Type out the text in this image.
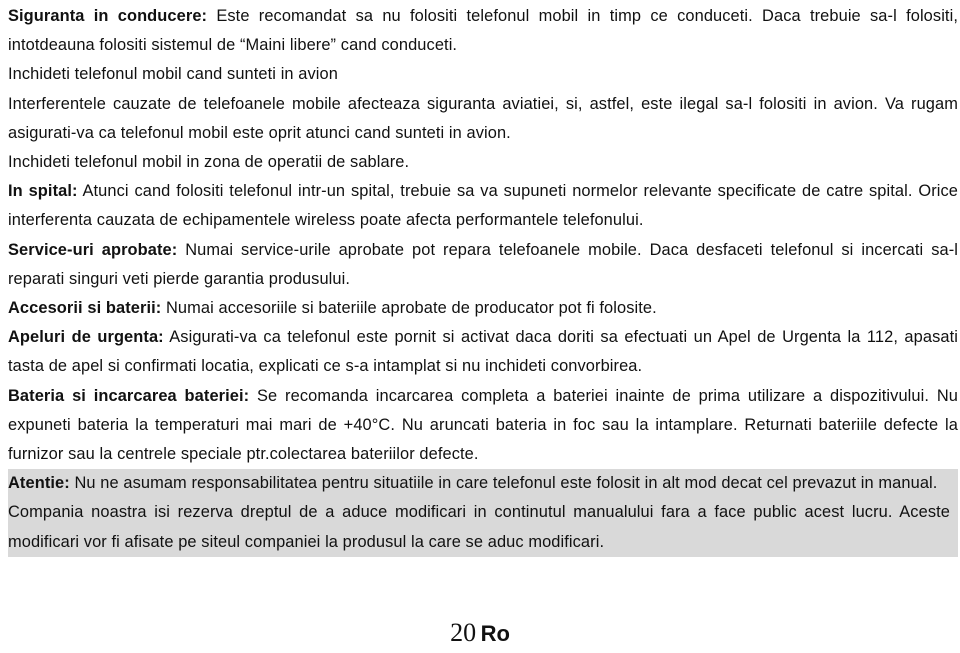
Siguranta in conducere: Este recomandat sa nu folositi telefonul mobil in timp ce conduceti. Daca trebuie sa-l folositi, intotdeauna folositi sistemul de “Maini libere” cand conduceti.

Inchideti telefonul mobil cand sunteti in avion

Interferentele cauzate de telefoanele mobile afecteaza siguranta aviatiei, si, astfel, este ilegal sa-l folositi in avion. Va rugam asigurati-va ca telefonul mobil este oprit atunci cand sunteti in avion.

Inchideti telefonul mobil in zona de operatii de sablare.

In spital: Atunci cand folositi telefonul intr-un spital, trebuie sa va supuneti normelor relevante specificate de catre spital. Orice interferenta cauzata de echipamentele wireless poate afecta performantele telefonului.

Service-uri aprobate: Numai service-urile aprobate pot repara telefoanele mobile. Daca desfaceti telefonul si incercati sa-l reparati singuri veti pierde garantia produsului.

Accesorii si baterii: Numai accesoriile si bateriile aprobate de producator pot fi folosite.

Apeluri de urgenta: Asigurati-va ca telefonul este pornit si activat daca doriti sa efectuati un Apel de Urgenta la 112, apasati tasta de apel si confirmati locatia, explicati ce s-a intamplat si nu inchideti convorbirea.

Bateria si incarcarea bateriei: Se recomanda incarcarea completa a bateriei inainte de prima utilizare a dispozitivului. Nu expuneti bateria la temperaturi mai mari de +40°C. Nu aruncati bateria in foc sau la intamplare. Returnati bateriile defecte la furnizor sau la centrele speciale ptr.colectarea bateriilor defecte.

Atentie: Nu ne asumam responsabilitatea pentru situatiile in care telefonul este folosit in alt mod decat cel prevazut in manual.

Compania noastra isi rezerva dreptul de a aduce modificari in continutul manualului fara a face public acest lucru. Aceste modificari vor fi afisate pe siteul companiei la produsul la care se aduc modificari.

20 Ro
